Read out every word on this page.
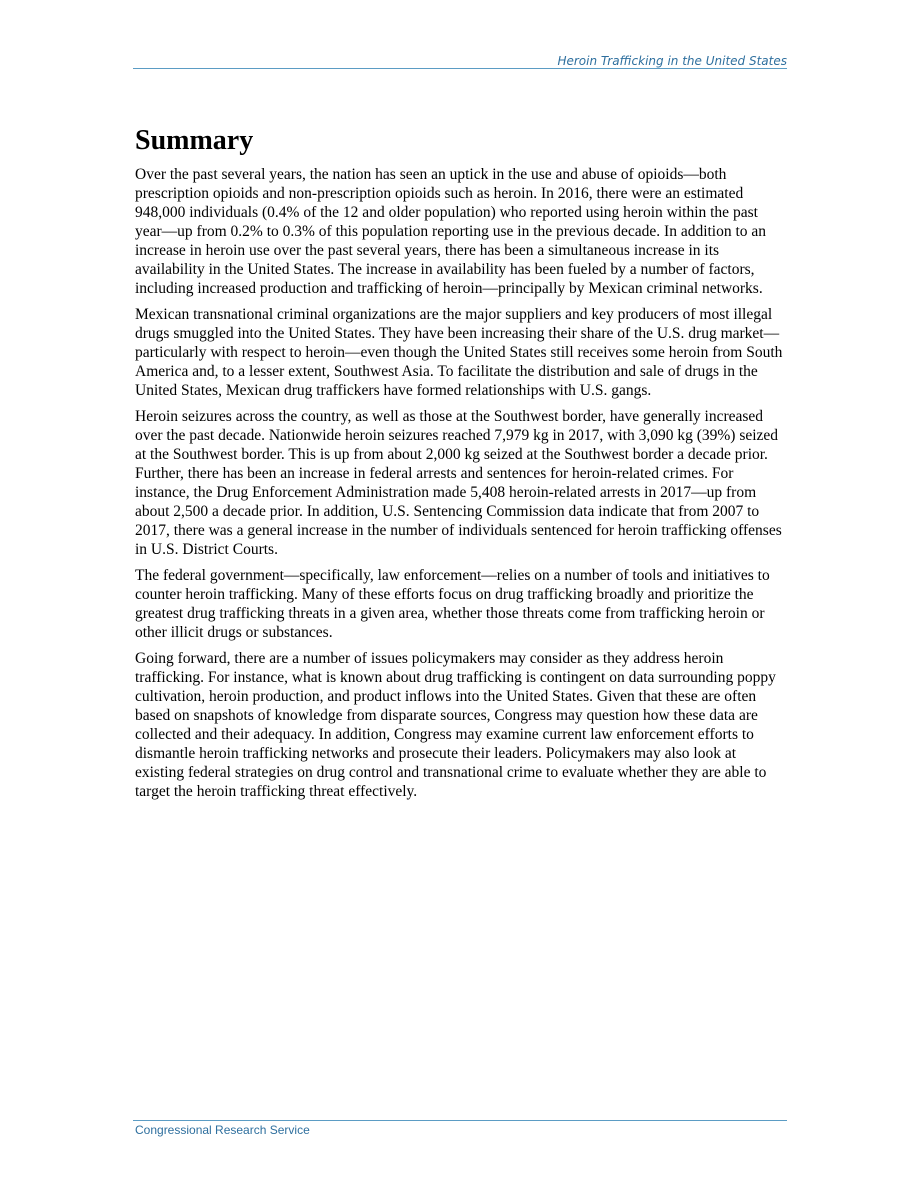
Heroin Trafficking in the United States
Summary

Over the past several years, the nation has seen an uptick in the use and abuse of opioids—both prescription opioids and non-prescription opioids such as heroin. In 2016, there were an estimated 948,000 individuals (0.4% of the 12 and older population) who reported using heroin within the past year—up from 0.2% to 0.3% of this population reporting use in the previous decade. In addition to an increase in heroin use over the past several years, there has been a simultaneous increase in its availability in the United States. The increase in availability has been fueled by a number of factors, including increased production and trafficking of heroin—principally by Mexican criminal networks.

Mexican transnational criminal organizations are the major suppliers and key producers of most illegal drugs smuggled into the United States. They have been increasing their share of the U.S. drug market—particularly with respect to heroin—even though the United States still receives some heroin from South America and, to a lesser extent, Southwest Asia. To facilitate the distribution and sale of drugs in the United States, Mexican drug traffickers have formed relationships with U.S. gangs.

Heroin seizures across the country, as well as those at the Southwest border, have generally increased over the past decade. Nationwide heroin seizures reached 7,979 kg in 2017, with 3,090 kg (39%) seized at the Southwest border. This is up from about 2,000 kg seized at the Southwest border a decade prior. Further, there has been an increase in federal arrests and sentences for heroin-related crimes. For instance, the Drug Enforcement Administration made 5,408 heroin-related arrests in 2017—up from about 2,500 a decade prior. In addition, U.S. Sentencing Commission data indicate that from 2007 to 2017, there was a general increase in the number of individuals sentenced for heroin trafficking offenses in U.S. District Courts.

The federal government—specifically, law enforcement—relies on a number of tools and initiatives to counter heroin trafficking. Many of these efforts focus on drug trafficking broadly and prioritize the greatest drug trafficking threats in a given area, whether those threats come from trafficking heroin or other illicit drugs or substances.

Going forward, there are a number of issues policymakers may consider as they address heroin trafficking. For instance, what is known about drug trafficking is contingent on data surrounding poppy cultivation, heroin production, and product inflows into the United States. Given that these are often based on snapshots of knowledge from disparate sources, Congress may question how these data are collected and their adequacy. In addition, Congress may examine current law enforcement efforts to dismantle heroin trafficking networks and prosecute their leaders. Policymakers may also look at existing federal strategies on drug control and transnational crime to evaluate whether they are able to target the heroin trafficking threat effectively.

Congressional Research Service
